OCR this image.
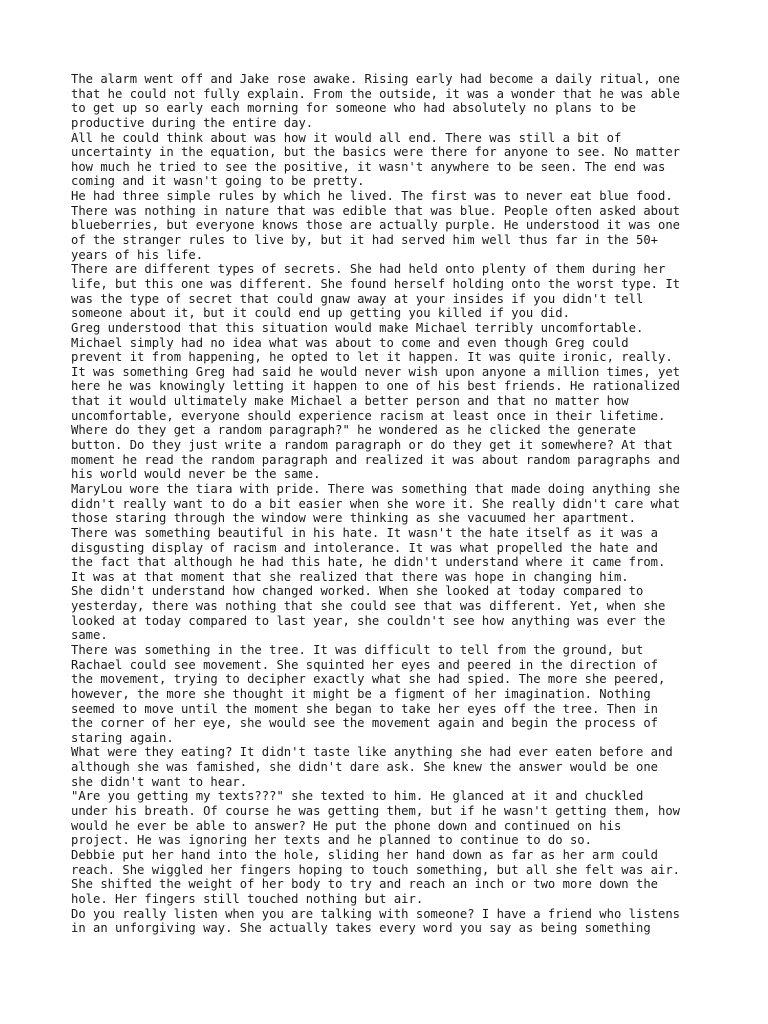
The alarm went off and Jake rose awake. Rising early had become a daily ritual, one
that he could not fully explain. From the outside, it was a wonder that he was able
to get up so early each morning for someone who had absolutely no plans to be
productive during the entire day.
All he could think about was how it would all end. There was still a bit of
uncertainty in the equation, but the basics were there for anyone to see. No matter
how much he tried to see the positive, it wasn't anywhere to be seen. The end was
coming and it wasn't going to be pretty.
He had three simple rules by which he lived. The first was to never eat blue food.
There was nothing in nature that was edible that was blue. People often asked about
blueberries, but everyone knows those are actually purple. He understood it was one
of the stranger rules to live by, but it had served him well thus far in the 50+
years of his life.
There are different types of secrets. She had held onto plenty of them during her
life, but this one was different. She found herself holding onto the worst type. It
was the type of secret that could gnaw away at your insides if you didn't tell
someone about it, but it could end up getting you killed if you did.
Greg understood that this situation would make Michael terribly uncomfortable.
Michael simply had no idea what was about to come and even though Greg could
prevent it from happening, he opted to let it happen. It was quite ironic, really.
It was something Greg had said he would never wish upon anyone a million times, yet
here he was knowingly letting it happen to one of his best friends. He rationalized
that it would ultimately make Michael a better person and that no matter how
uncomfortable, everyone should experience racism at least once in their lifetime.
Where do they get a random paragraph?" he wondered as he clicked the generate
button. Do they just write a random paragraph or do they get it somewhere? At that
moment he read the random paragraph and realized it was about random paragraphs and
his world would never be the same.
MaryLou wore the tiara with pride. There was something that made doing anything she
didn't really want to do a bit easier when she wore it. She really didn't care what
those staring through the window were thinking as she vacuumed her apartment.
There was something beautiful in his hate. It wasn't the hate itself as it was a
disgusting display of racism and intolerance. It was what propelled the hate and
the fact that although he had this hate, he didn't understand where it came from.
It was at that moment that she realized that there was hope in changing him.
She didn't understand how changed worked. When she looked at today compared to
yesterday, there was nothing that she could see that was different. Yet, when she
looked at today compared to last year, she couldn't see how anything was ever the
same.
There was something in the tree. It was difficult to tell from the ground, but
Rachael could see movement. She squinted her eyes and peered in the direction of
the movement, trying to decipher exactly what she had spied. The more she peered,
however, the more she thought it might be a figment of her imagination. Nothing
seemed to move until the moment she began to take her eyes off the tree. Then in
the corner of her eye, she would see the movement again and begin the process of
staring again.
What were they eating? It didn't taste like anything she had ever eaten before and
although she was famished, she didn't dare ask. She knew the answer would be one
she didn't want to hear.
"Are you getting my texts???" she texted to him. He glanced at it and chuckled
under his breath. Of course he was getting them, but if he wasn't getting them, how
would he ever be able to answer? He put the phone down and continued on his
project. He was ignoring her texts and he planned to continue to do so.
Debbie put her hand into the hole, sliding her hand down as far as her arm could
reach. She wiggled her fingers hoping to touch something, but all she felt was air.
She shifted the weight of her body to try and reach an inch or two more down the
hole. Her fingers still touched nothing but air.
Do you really listen when you are talking with someone? I have a friend who listens
in an unforgiving way. She actually takes every word you say as being something
